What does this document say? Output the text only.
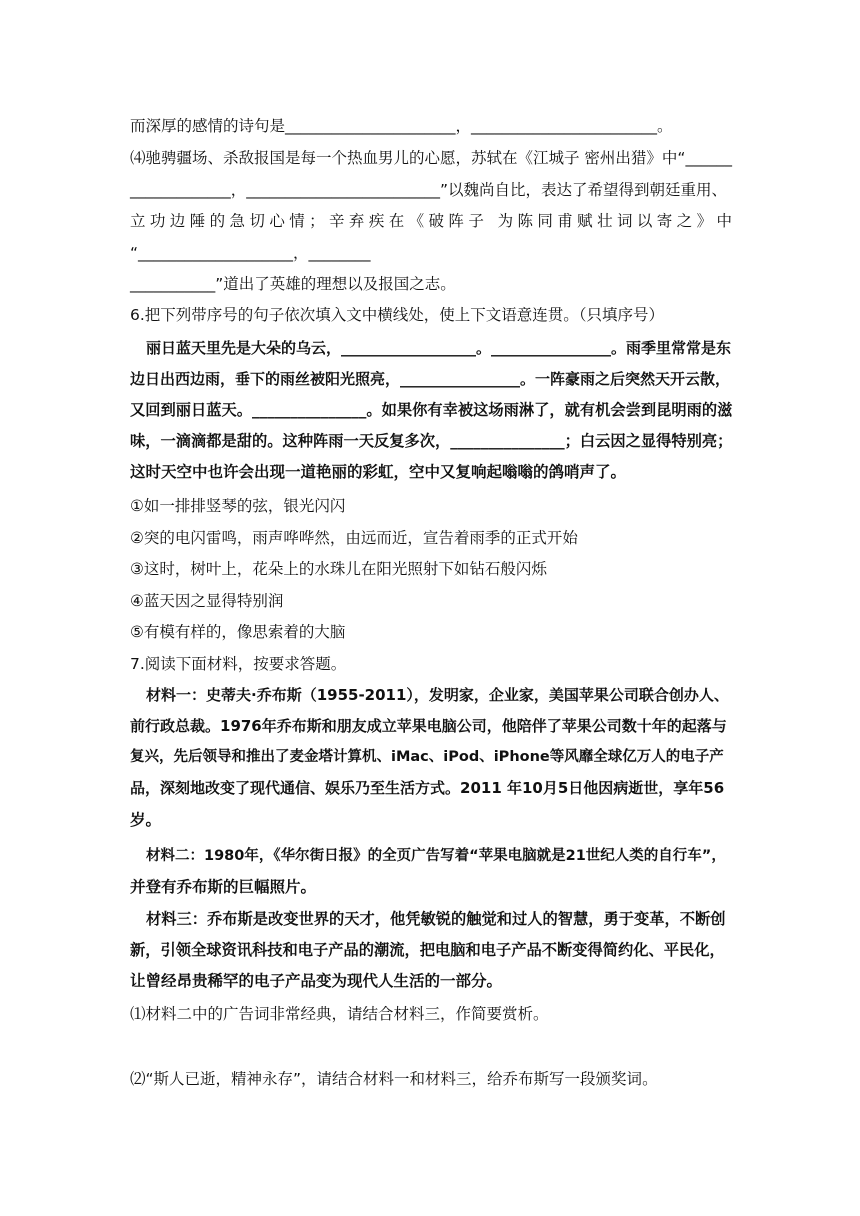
而深厚的感情的诗句是______________________，________________________。
⑷驰骋疆场、杀敌报国是每一个热血男儿的心愿，苏轼在《江城子 密州出猎》中“______
_____________，_________________________”以魏尚自比，表达了希望得到朝廷重用、
立功边陲的急切心情；辛弃疾在《破阵子 为陈同甫赋壮词以寄之》中
“____________________，________
___________”道出了英雄的理想以及报国之志。
6.把下列带序号的句子依次填入文中横线处，使上下文语意连贯。（只填序号）
丽日蓝天里先是大朵的乌云，__________________。________________。雨季里常常是东
边日出西边雨，垂下的雨丝被阳光照亮，________________。一阵豪雨之后突然天开云散，
又回到丽日蓝天。_______________。如果你有幸被这场雨淋了，就有机会尝到昆明雨的滋
味，一滴滴都是甜的。这种阵雨一天反复多次，_______________；白云因之显得特别亮；
这时天空中也许会出现一道艳丽的彩虹，空中又复响起嗡嗡的鸽哨声了。
①如一排排竖琴的弦，银光闪闪
②突的电闪雷鸣，雨声哗哗然，由远而近，宣告着雨季的正式开始
③这时，树叶上，花朵上的水珠儿在阳光照射下如钻石般闪烁
④蓝天因之显得特别润
⑤有模有样的，像思索着的大脑
7.阅读下面材料，按要求答题。
材料一：史蒂夫·乔布斯（1955-2011），发明家，企业家，美国苹果公司联合创办人、
前行政总裁。1976年乔布斯和朋友成立苹果电脑公司，他陪伴了苹果公司数十年的起落与
复兴，先后领导和推出了麦金塔计算机、iMac、iPod、iPhone等风靡全球亿万人的电子产
品，深刻地改变了现代通信、娱乐乃至生活方式。2011 年10月5日他因病逝世，享年56
岁。
材料二：1980年，《华尔街日报》的全页广告写着“苹果电脑就是21世纪人类的自行车”，
并登有乔布斯的巨幅照片。
材料三：乔布斯是改变世界的天才，他凭敏锐的触觉和过人的智慧，勇于变革，不断创
新，引领全球资讯科技和电子产品的潮流，把电脑和电子产品不断变得简约化、平民化，
让曾经昂贵稀罕的电子产品变为现代人生活的一部分。
⑴材料二中的广告词非常经典，请结合材料三，作简要赏析。
⑵“斯人已逝，精神永存”，请结合材料一和材料三，给乔布斯写一段颁奖词。
